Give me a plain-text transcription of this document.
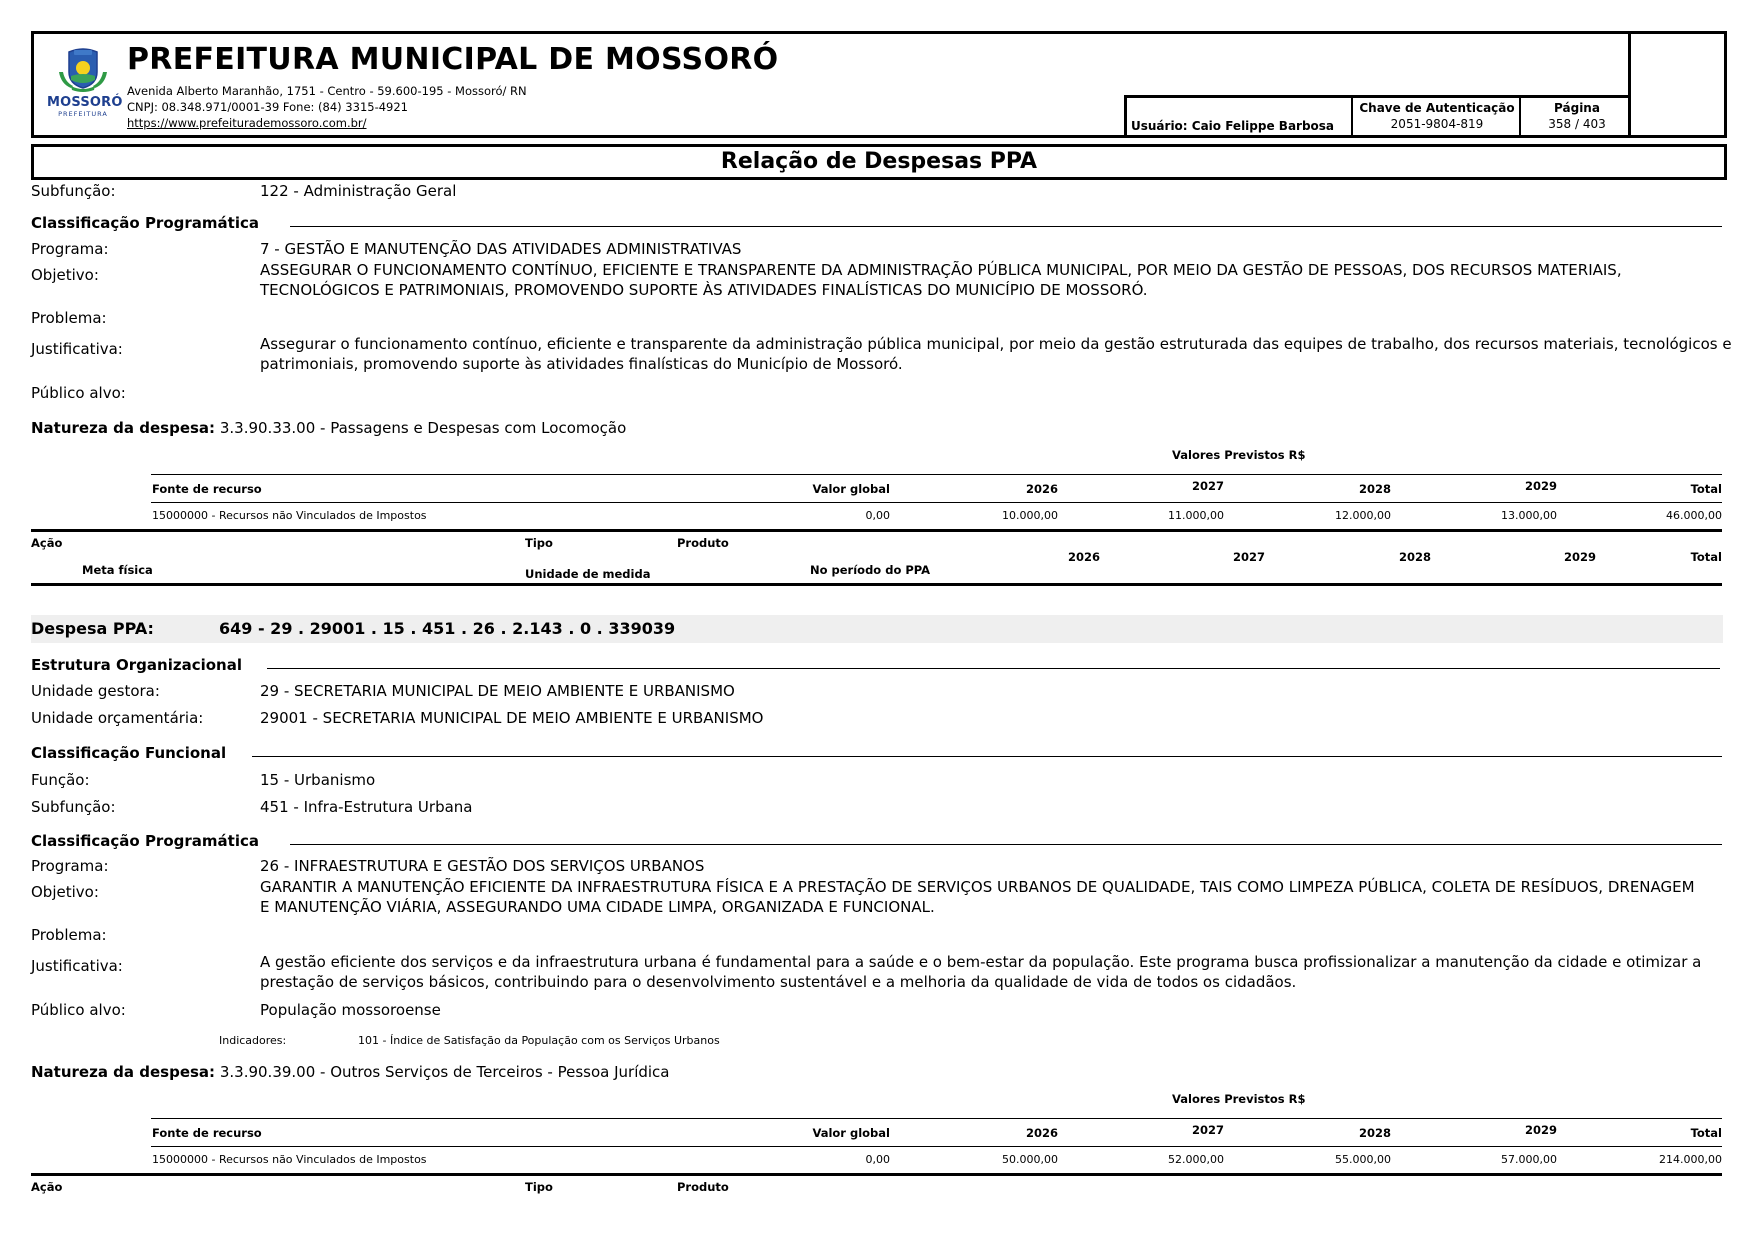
MOSSORÓ
PREFEITURA
PREFEITURA MUNICIPAL DE MOSSORÓ
Avenida Alberto Maranhão, 1751 - Centro - 59.600-195 - Mossoró/ RN
CNPJ: 08.348.971/0001-39 Fone: (84) 3315-4921
https://www.prefeiturademossoro.com.br/	Usuário: Caio Felippe Barbosa
Chave de Autenticação
2051-9804-819
Página
358 / 403
Relação de Despesas PPA
Subfunção:	122 - Administração Geral
Classificação Programática
Programa:	7 - GESTÃO E MANUTENÇÃO DAS ATIVIDADES ADMINISTRATIVAS
Objetivo:	ASSEGURAR O FUNCIONAMENTO CONTÍNUO, EFICIENTE E TRANSPARENTE DA ADMINISTRAÇÃO PÚBLICA MUNICIPAL, POR MEIO DA GESTÃO DE PESSOAS, DOS RECURSOS MATERIAIS,
TECNOLÓGICOS E PATRIMONIAIS, PROMOVENDO SUPORTE ÀS ATIVIDADES FINALÍSTICAS DO MUNICÍPIO DE MOSSORÓ.
Problema:
Justificativa:	Assegurar o funcionamento contínuo, eficiente e transparente da administração pública municipal, por meio da gestão estruturada das equipes de trabalho, dos recursos materiais, tecnológicos e
patrimoniais, promovendo suporte às atividades finalísticas do Município de Mossoró.
Público alvo:
Natureza da despesa: 3.3.90.33.00 - Passagens e Despesas com Locomoção
Valores Previstos R$
Fonte de recurso	Valor global	2026	2027	2028	2029	Total
15000000 - Recursos não Vinculados de Impostos	0,00	10.000,00	11.000,00	12.000,00	13.000,00	46.000,00
Ação	Tipo	Produto
Meta física	Unidade de medida	No período do PPA
2026	2027	2028	2029	Total
Despesa PPA:	649 - 29 . 29001 . 15 . 451 . 26 . 2.143 . 0 . 339039
Estrutura Organizacional
Unidade gestora:	29 - SECRETARIA MUNICIPAL DE MEIO AMBIENTE E URBANISMO
Unidade orçamentária:	29001 - SECRETARIA MUNICIPAL DE MEIO AMBIENTE E URBANISMO
Classificação Funcional
Função:	15 - Urbanismo
Subfunção:	451 - Infra-Estrutura Urbana
Classificação Programática
Programa:	26 - INFRAESTRUTURA E GESTÃO DOS SERVIÇOS URBANOS
Objetivo:	GARANTIR A MANUTENÇÃO EFICIENTE DA INFRAESTRUTURA FÍSICA E A PRESTAÇÃO DE SERVIÇOS URBANOS DE QUALIDADE, TAIS COMO LIMPEZA PÚBLICA, COLETA DE RESÍDUOS, DRENAGEM
E MANUTENÇÃO VIÁRIA, ASSEGURANDO UMA CIDADE LIMPA, ORGANIZADA E FUNCIONAL.
Problema:
Justificativa:	A gestão eficiente dos serviços e da infraestrutura urbana é fundamental para a saúde e o bem-estar da população. Este programa busca profissionalizar a manutenção da cidade e otimizar a
prestação de serviços básicos, contribuindo para o desenvolvimento sustentável e a melhoria da qualidade de vida de todos os cidadãos.
Público alvo:	População mossoroense
Indicadores:	101 - Índice de Satisfação da População com os Serviços Urbanos
Natureza da despesa: 3.3.90.39.00 - Outros Serviços de Terceiros - Pessoa Jurídica
Valores Previstos R$
Fonte de recurso	Valor global	2026	2027	2028	2029	Total
15000000 - Recursos não Vinculados de Impostos	0,00	50.000,00	52.000,00	55.000,00	57.000,00	214.000,00
Ação	Tipo	Produto
